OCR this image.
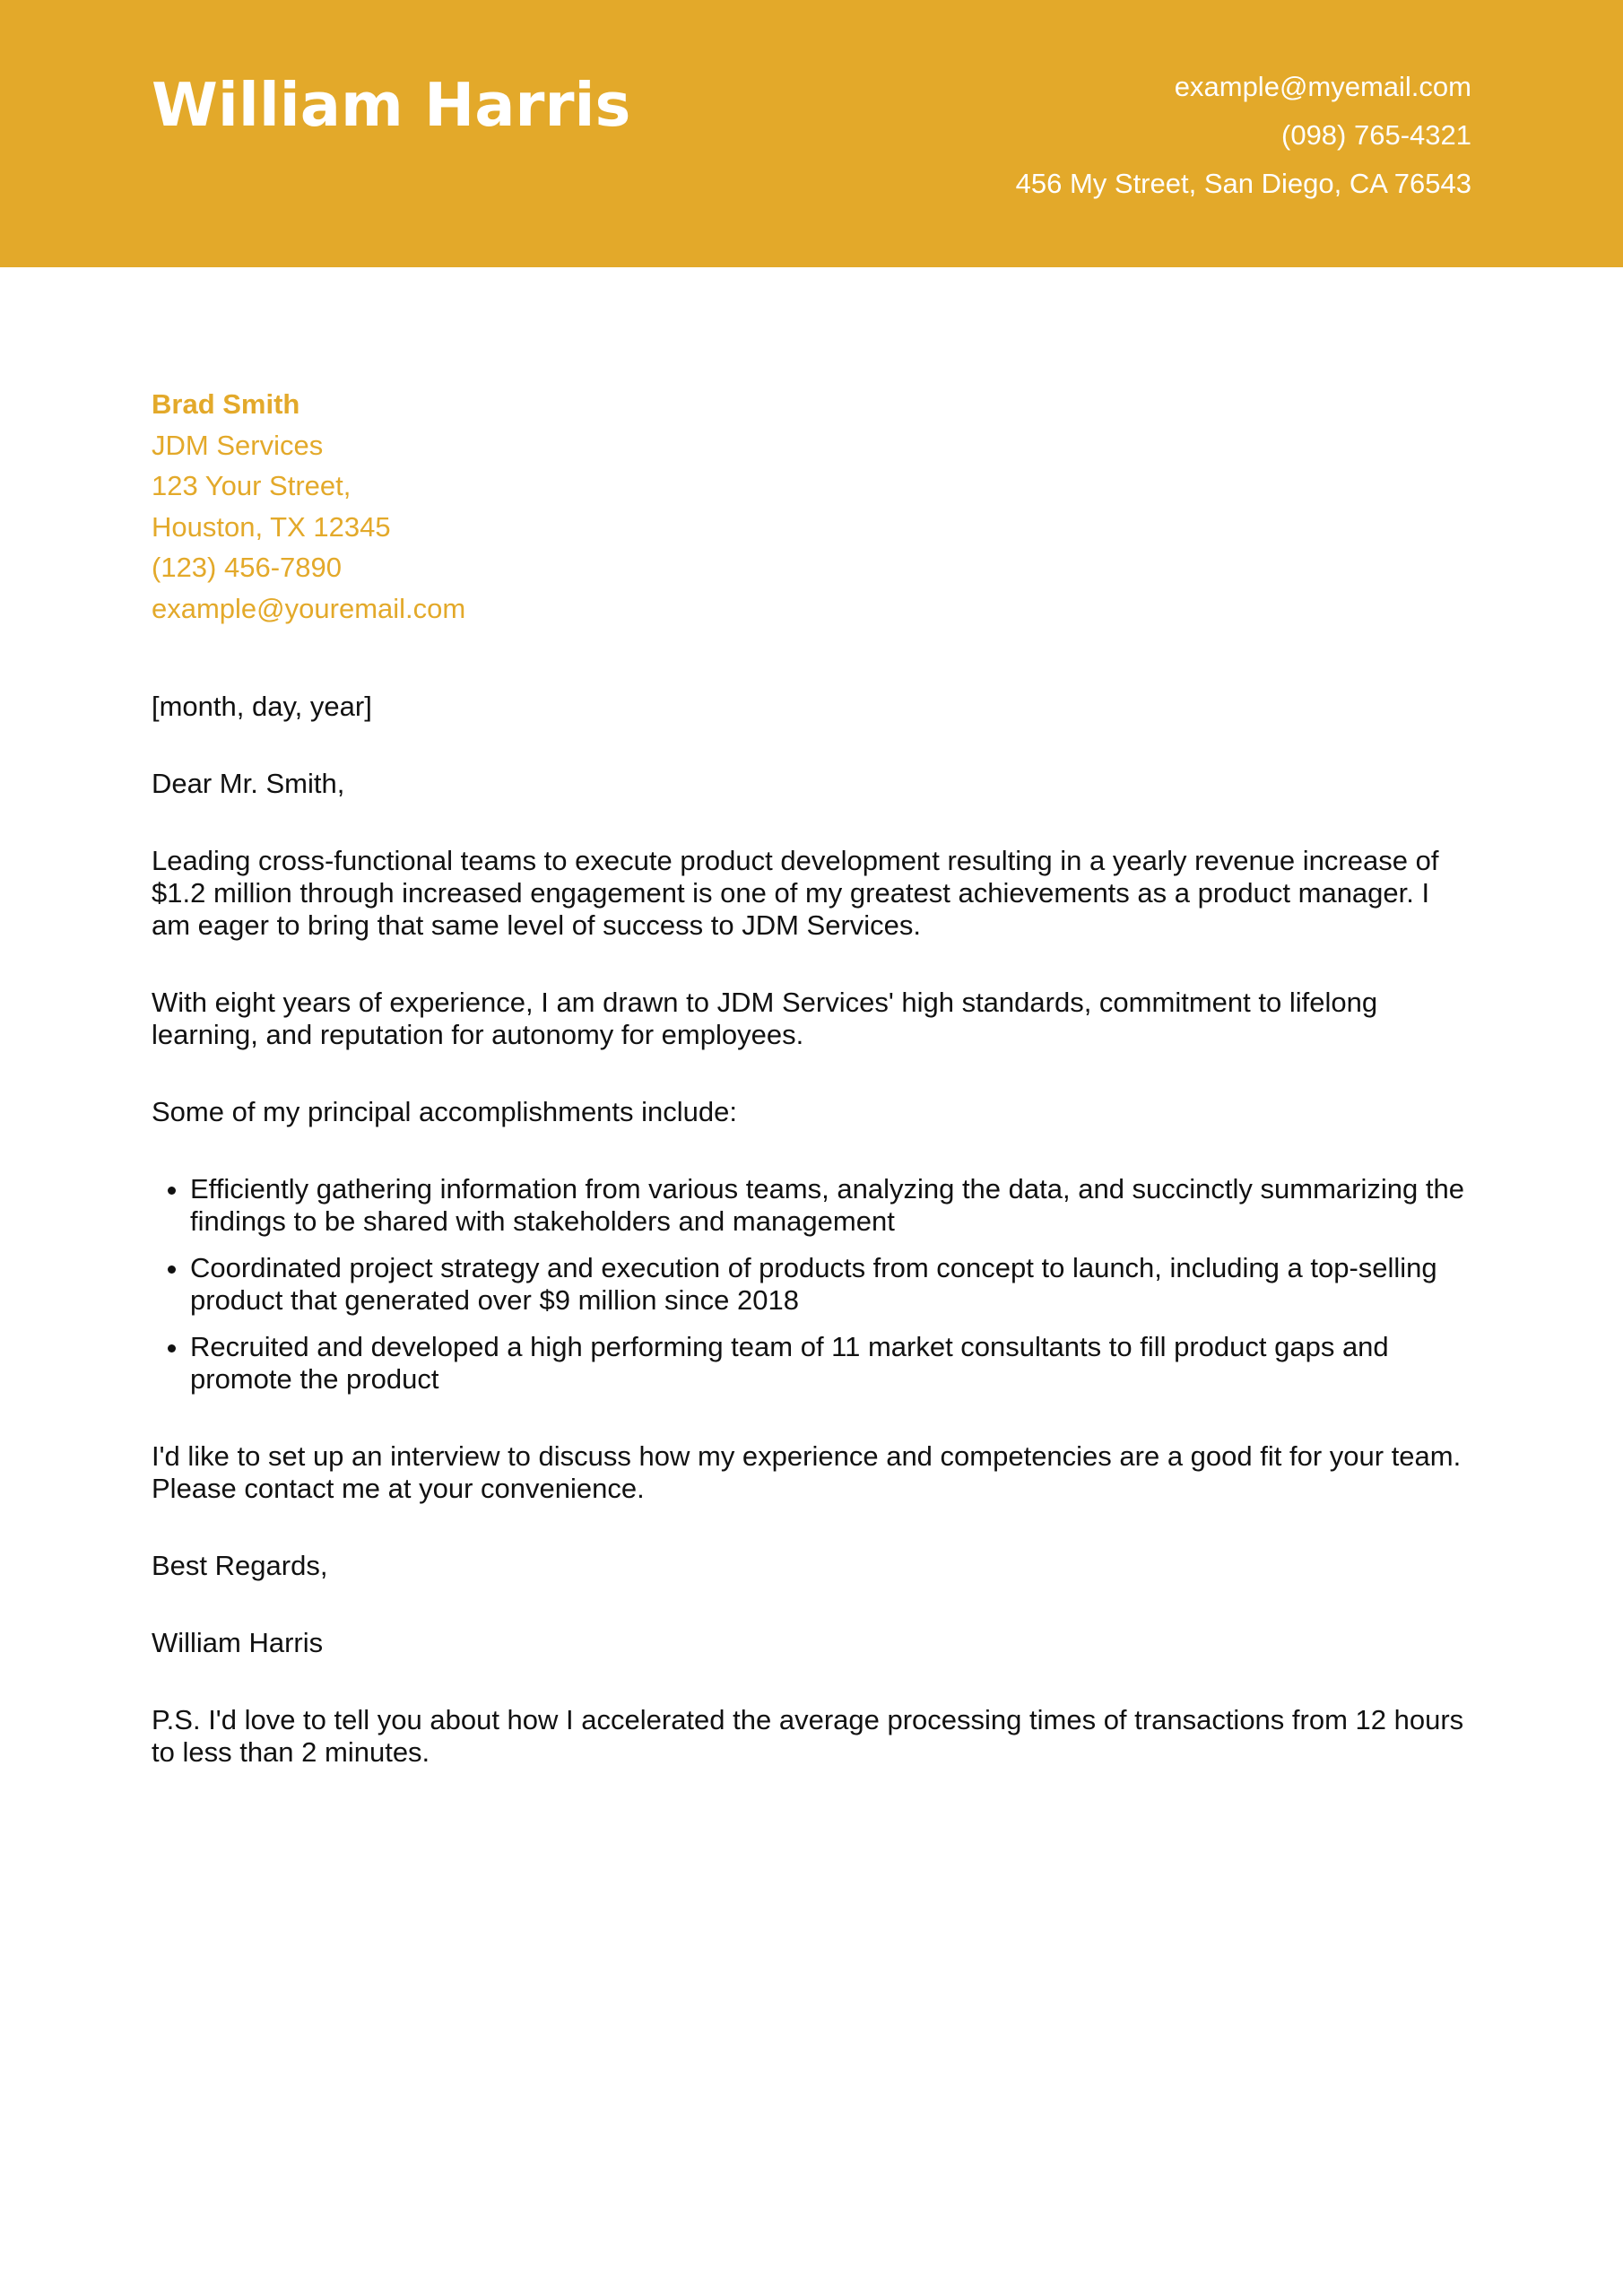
William Harris	example@myemail.com
(098) 765-4321
456 My Street, San Diego, CA 76543
Brad Smith
JDM Services
123 Your Street,
Houston, TX 12345
(123) 456-7890
example@youremail.com

[month, day, year]

Dear Mr. Smith,

Leading cross-functional teams to execute product development resulting in a yearly revenue increase of $1.2 million through increased engagement is one of my greatest achievements as a product manager. I am eager to bring that same level of success to JDM Services.

With eight years of experience, I am drawn to JDM Services' high standards, commitment to lifelong learning, and reputation for autonomy for employees.

Some of my principal accomplishments include:

• Efficiently gathering information from various teams, analyzing the data, and succinctly summarizing the findings to be shared with stakeholders and management
• Coordinated project strategy and execution of products from concept to launch, including a top-selling product that generated over $9 million since 2018
• Recruited and developed a high performing team of 11 market consultants to fill product gaps and promote the product

I'd like to set up an interview to discuss how my experience and competencies are a good fit for your team. Please contact me at your convenience.

Best Regards,

William Harris

P.S. I'd love to tell you about how I accelerated the average processing times of transactions from 12 hours to less than 2 minutes.
